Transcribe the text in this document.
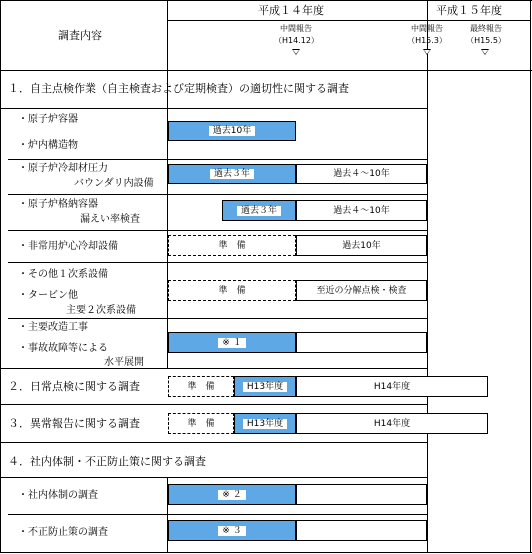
調査内容
平成１４年度	平成１５年度
中間報告
（H14.12）
中間報告
（H15.3）
最終報告
（H15.5）
１．自主点検作業（自主検査および定期検査）の適切性に関する調査
・原子炉容器
・炉内構造物
過去10年
・原子炉冷却材圧力
バウンダリ内設備
過去３年	過去４～10年
・原子炉格納容器
漏えい率検査
過去３年	過去４～10年
・非常用炉心冷却設備	準　備	過去10年
・その他１次系設備
・タービン他
主要２次系設備
準　備	至近の分解点検・検査
・主要改造工事
・事故故障等による
水平展開
※ １
２．日常点検に関する調査	準　備	H13年度	H14年度
３．異常報告に関する調査	準　備	H13年度	H14年度
４．社内体制・不正防止策に関する調査
・社内体制の調査	※ ２
・不正防止策の調査	※ ３
